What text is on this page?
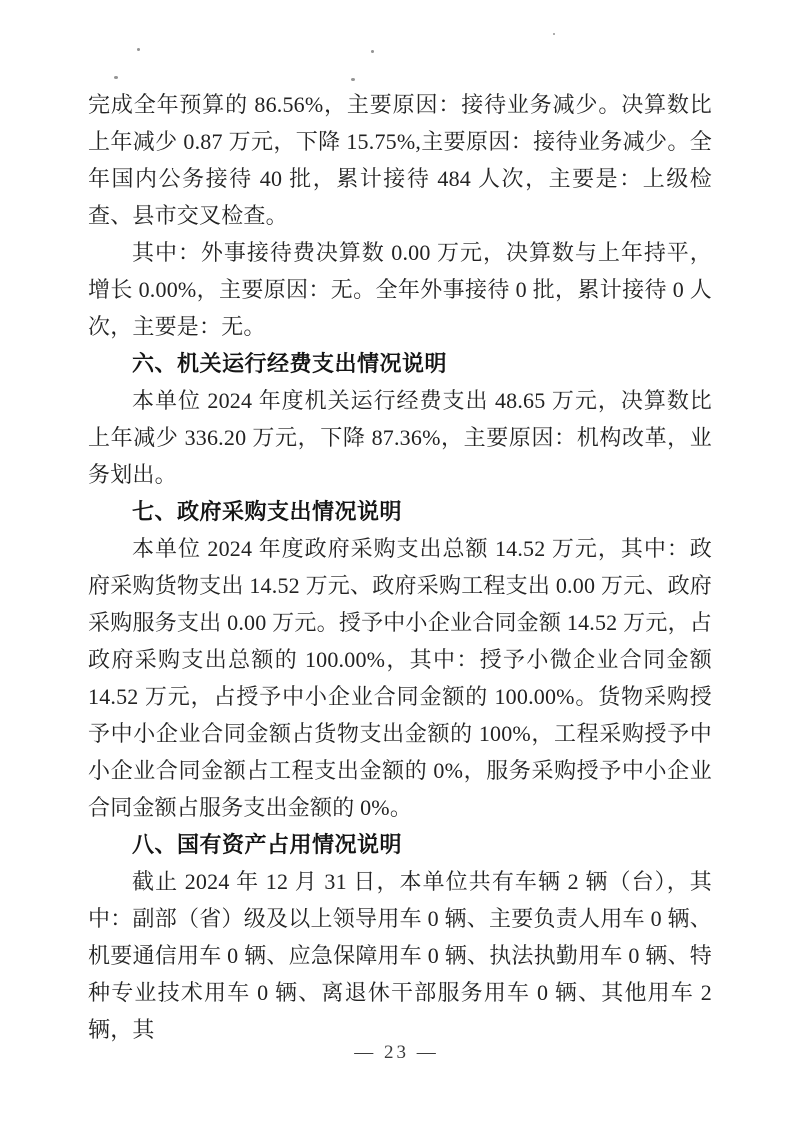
完成全年预算的 86.56%，主要原因：接待业务减少。决算数比上年减少 0.87 万元，下降 15.75%,主要原因：接待业务减少。全年国内公务接待 40 批，累计接待 484 人次，主要是：上级检查、县市交叉检查。

其中：外事接待费决算数 0.00 万元，决算数与上年持平，增长 0.00%，主要原因：无。全年外事接待 0 批，累计接待 0 人次，主要是：无。

六、机关运行经费支出情况说明

本单位 2024 年度机关运行经费支出 48.65 万元，决算数比上年减少 336.20 万元，下降 87.36%，主要原因：机构改革，业务划出。

七、政府采购支出情况说明

本单位 2024 年度政府采购支出总额 14.52 万元，其中：政府采购货物支出 14.52 万元、政府采购工程支出 0.00 万元、政府采购服务支出 0.00 万元。授予中小企业合同金额 14.52 万元，占政府采购支出总额的 100.00%，其中：授予小微企业合同金额 14.52 万元，占授予中小企业合同金额的 100.00%。货物采购授予中小企业合同金额占货物支出金额的 100%，工程采购授予中小企业合同金额占工程支出金额的 0%，服务采购授予中小企业合同金额占服务支出金额的 0%。

八、国有资产占用情况说明

截止 2024 年 12 月 31 日，本单位共有车辆 2 辆（台），其中：副部（省）级及以上领导用车 0 辆、主要负责人用车 0 辆、机要通信用车 0 辆、应急保障用车 0 辆、执法执勤用车 0 辆、特种专业技术用车 0 辆、离退休干部服务用车 0 辆、其他用车 2 辆，其

— 23 —
